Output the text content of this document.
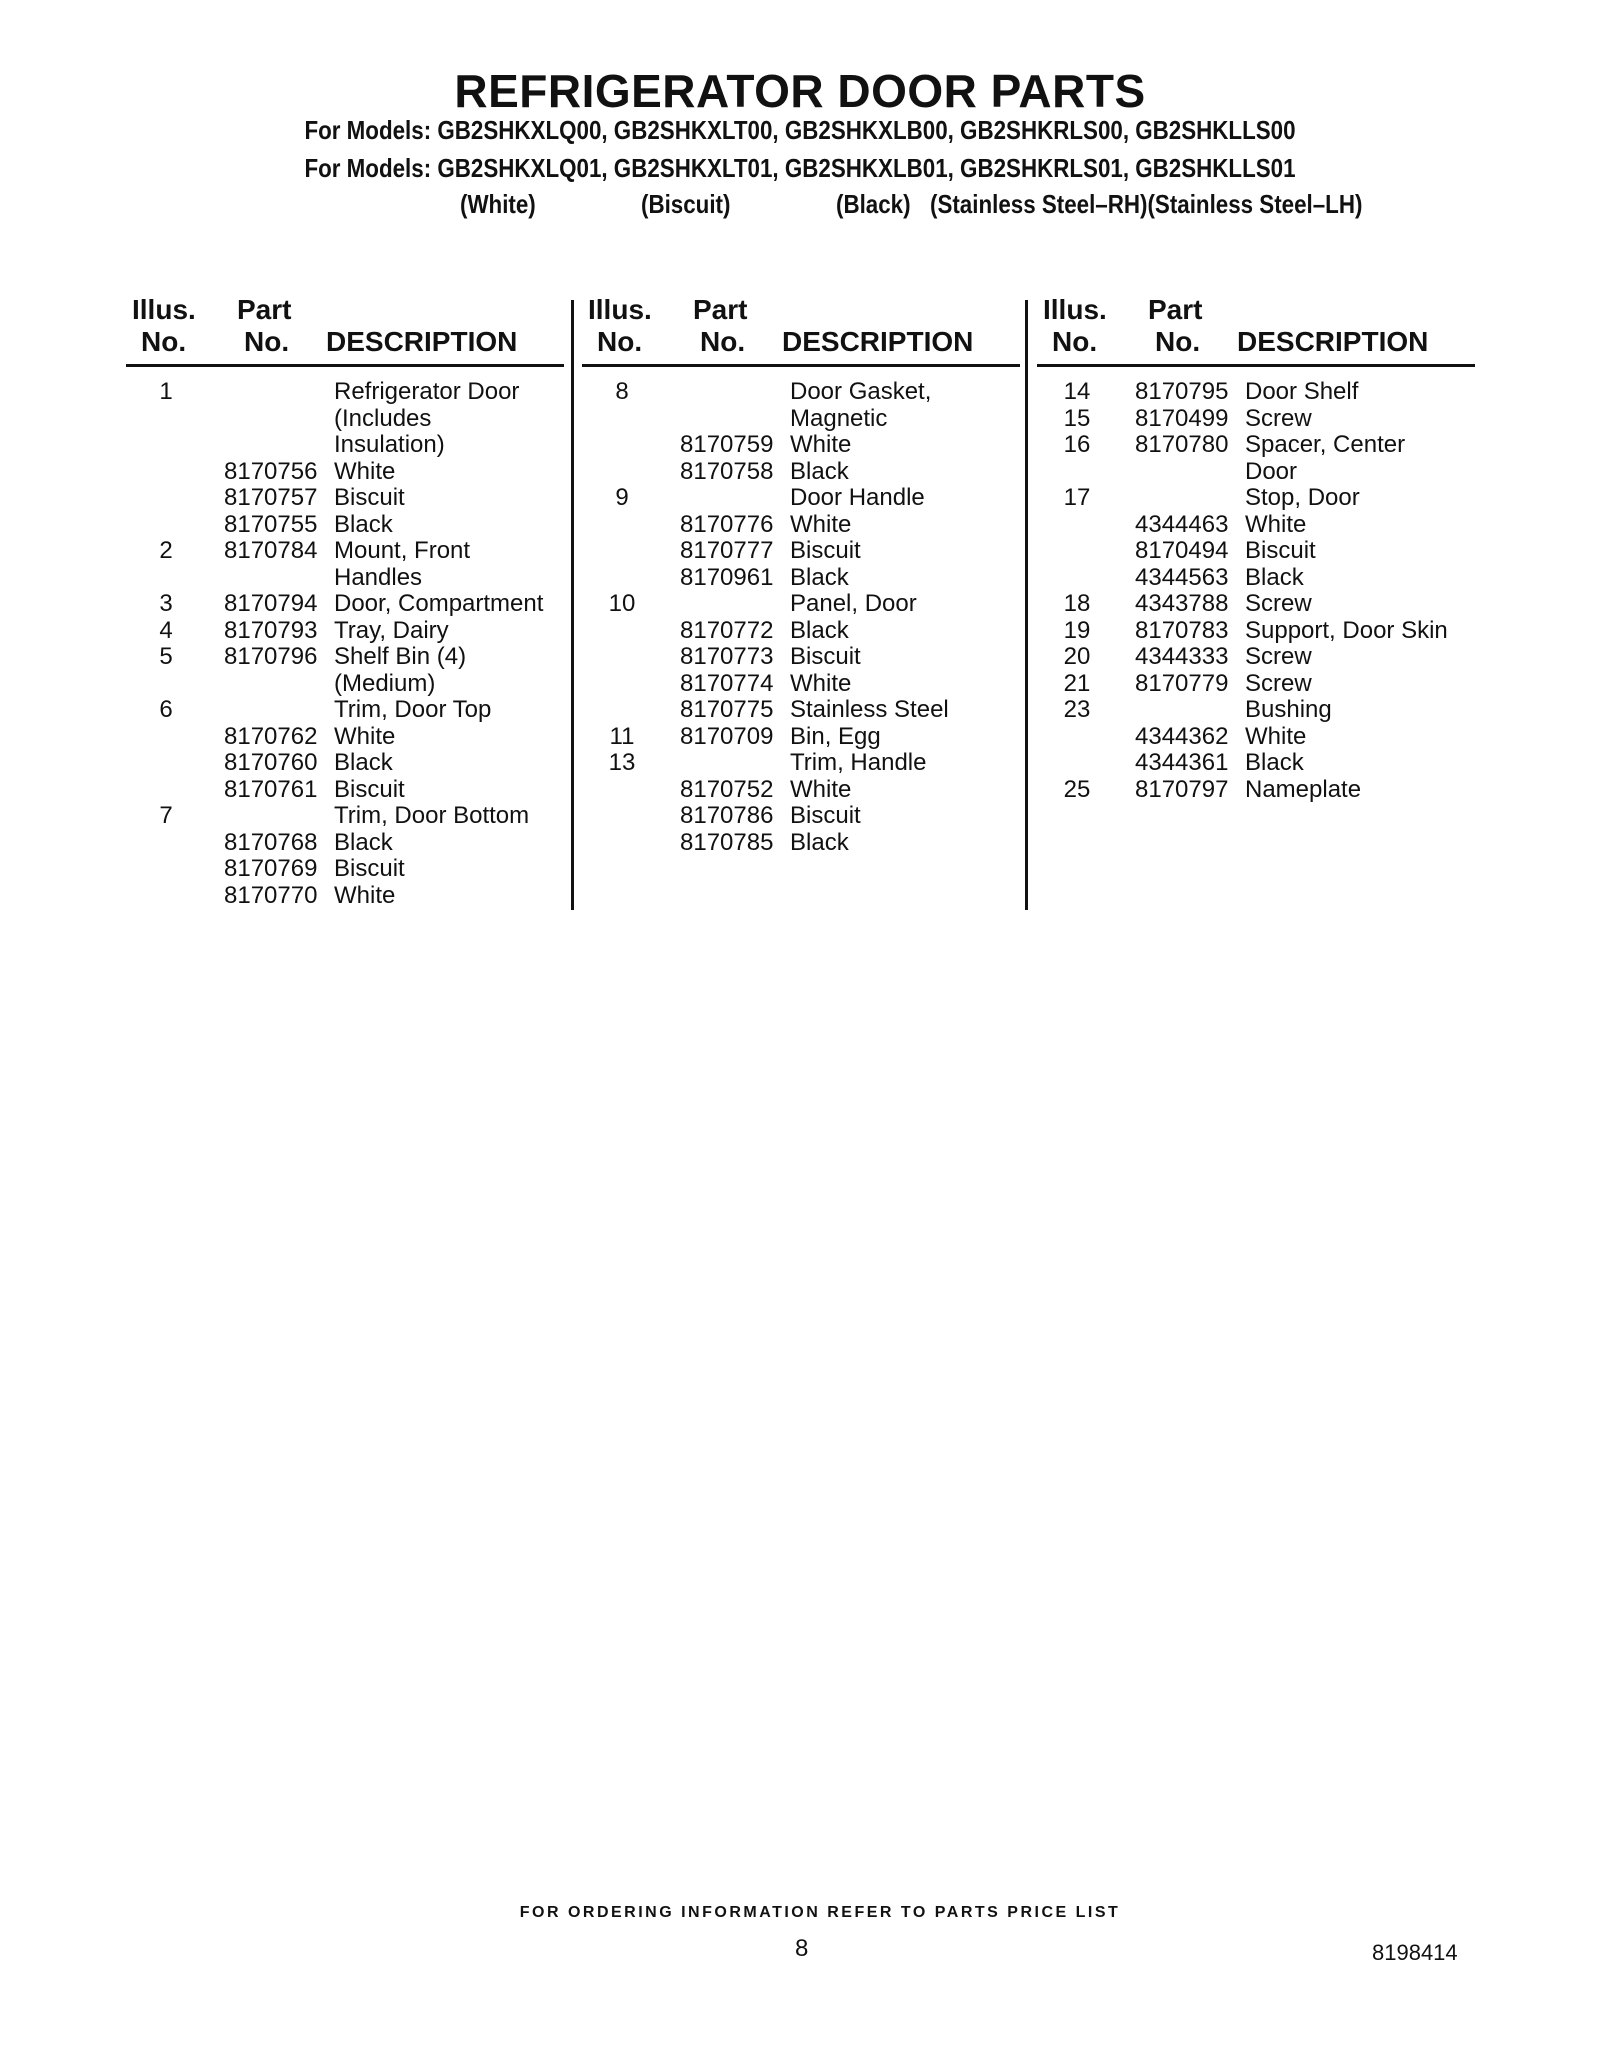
REFRIGERATOR DOOR PARTS
For Models: GB2SHKXLQ00, GB2SHKXLT00, GB2SHKXLB00, GB2SHKRLS00, GB2SHKLLS00
For Models: GB2SHKXLQ01, GB2SHKXLT01, GB2SHKXLB01, GB2SHKRLS01, GB2SHKLLS01
(White)	(Biscuit)	(Black) (Stainless Steel–RH)(Stainless Steel–LH)
Illus.
No.
Part
No. DESCRIPTION
1	Refrigerator Door
(Includes
Insulation)
8170756 White
8170757 Biscuit
8170755 Black
2	8170784 Mount, Front
Handles
3	8170794 Door, Compartment
4	8170793 Tray, Dairy
5	8170796 Shelf Bin (4)
(Medium)
6	Trim, Door Top
8170762 White
8170760 Black
8170761 Biscuit
7	Trim, Door Bottom
8170768 Black
8170769 Biscuit
8170770 White
Illus.
No.
Part
No. DESCRIPTION
8	Door Gasket,
Magnetic
8170759 White
8170758 Black
9	Door Handle
8170776 White
8170777 Biscuit
8170961 Black
10	Panel, Door
8170772 Black
8170773 Biscuit
8170774 White
8170775 Stainless Steel
11	8170709 Bin, Egg
13	Trim, Handle
8170752 White
8170786 Biscuit
8170785 Black
Illus.
No.
Part
No. DESCRIPTION
14	8170795 Door Shelf
15	8170499 Screw
16	8170780 Spacer, Center
Door
17	Stop, Door
4344463 White
8170494 Biscuit
4344563 Black
18	4343788 Screw
19	8170783 Support, Door Skin
20	4344333 Screw
21	8170779 Screw
23	Bushing
4344362 White
4344361 Black
25	8170797 Nameplate
FOR ORDERING INFORMATION REFER TO PARTS PRICE LIST
8	8198414
